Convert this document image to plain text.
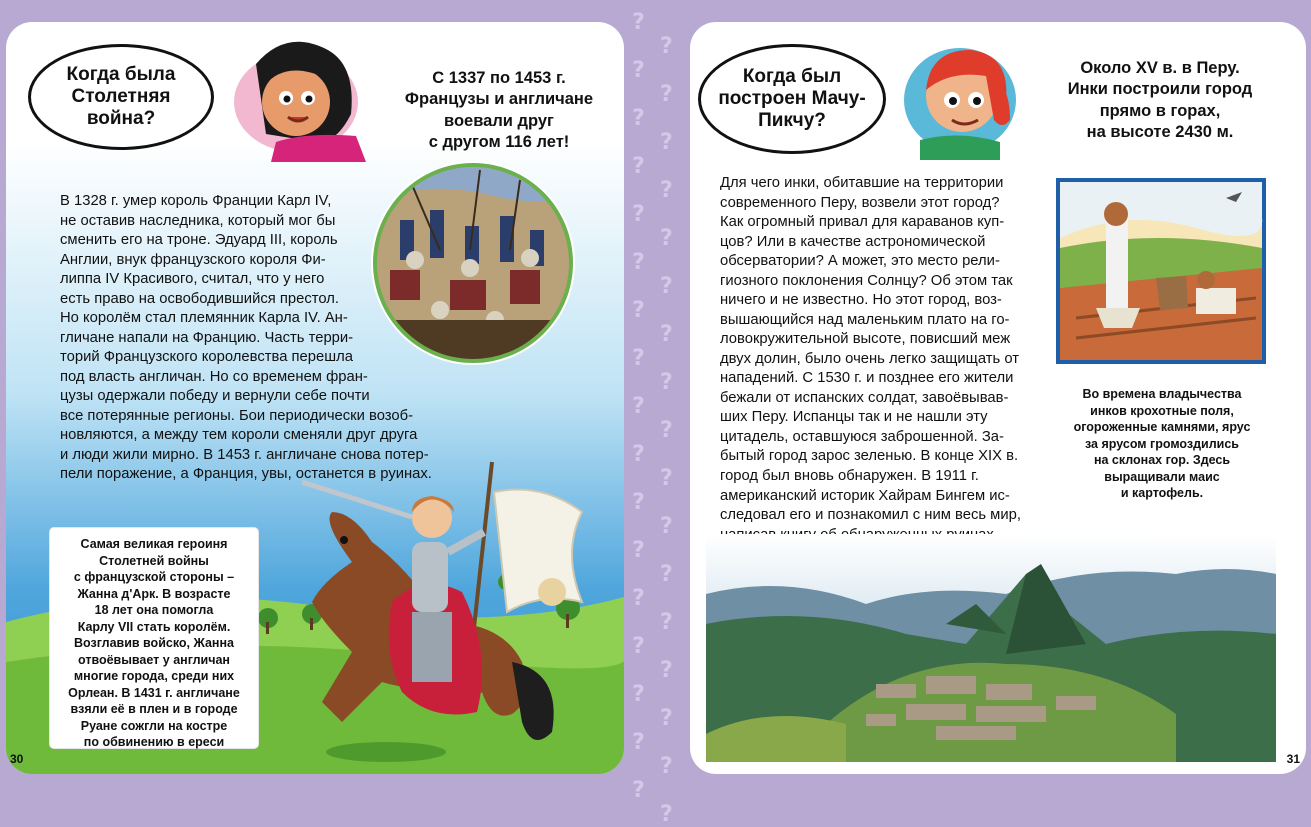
?
?
?
?
?
?
?
?
?
?
?
?
?
?
?
?
?
?
?
?
?
?
?
?
?
?
?
?
?
?
?
?
?
?
Когда была
Столетняя
война?
С 1337 по 1453 г.
Французы и англичане
воевали друг
с другом 116 лет!
В 1328 г. умер король Франции Карл IV,
не оставив наследника, который мог бы
сменить его на троне. Эдуард III, король
Англии, внук французского короля Фи-
липпа IV Красивого, считал, что у него
есть право на освободившийся престол.
Но королём стал племянник Карла IV. Ан-
гличане напали на Францию. Часть терри-
торий Французского королевства перешла
под власть англичан. Но со временем фран-
цузы одержали победу и вернули себе почти
все потерянные регионы. Бои периодически возоб-
новляются, а между тем короли сменяли друг друга
и люди жили мирно. В 1453 г. англичане снова потер-
пели поражение, а Франция, увы, останется в руинах.
Самая великая героиня
Столетней войны
с французской стороны –
Жанна д'Арк. В возрасте
18 лет она помогла
Карлу VII стать королём.
Возглавив войско, Жанна
отвоёвывает у англичан
многие города, среди них
Орлеан. В 1431 г. англичане
взяли её в плен и в городе
Руане сожгли на костре
по обвинению в ереси
30
Когда был
построен Мачу-
Пикчу?
Около XV в. в Перу.
Инки построили город
прямо в горах,
на высоте 2430 м.
Для чего инки, обитавшие на территории
современного Перу, возвели этот город?
Как огромный привал для караванов куп-
цов? Или в качестве астрономической
обсерватории? А может, это место рели-
гиозного поклонения Солнцу? Об этом так
ничего и не известно. Но этот город, воз-
вышающийся над маленьким плато на го-
ловокружительной высоте, повисший меж
двух долин, было очень легко защищать от
нападений. С 1530 г. и позднее его жители
бежали от испанских солдат, завоёвывав-
ших Перу. Испанцы так и не нашли эту
цитадель, оставшуюся заброшенной. За-
бытый город зарос зеленью. В конце XIX в.
город был вновь обнаружен. В 1911 г.
американский историк Хайрам Бингем ис-
следовал его и познакомил с ним весь мир,

Во времена владычества
инков крохотные поля,
огороженные камнями, ярус
за ярусом громоздились
на склонах гор. Здесь
выращивали маис
и картофель.
31
